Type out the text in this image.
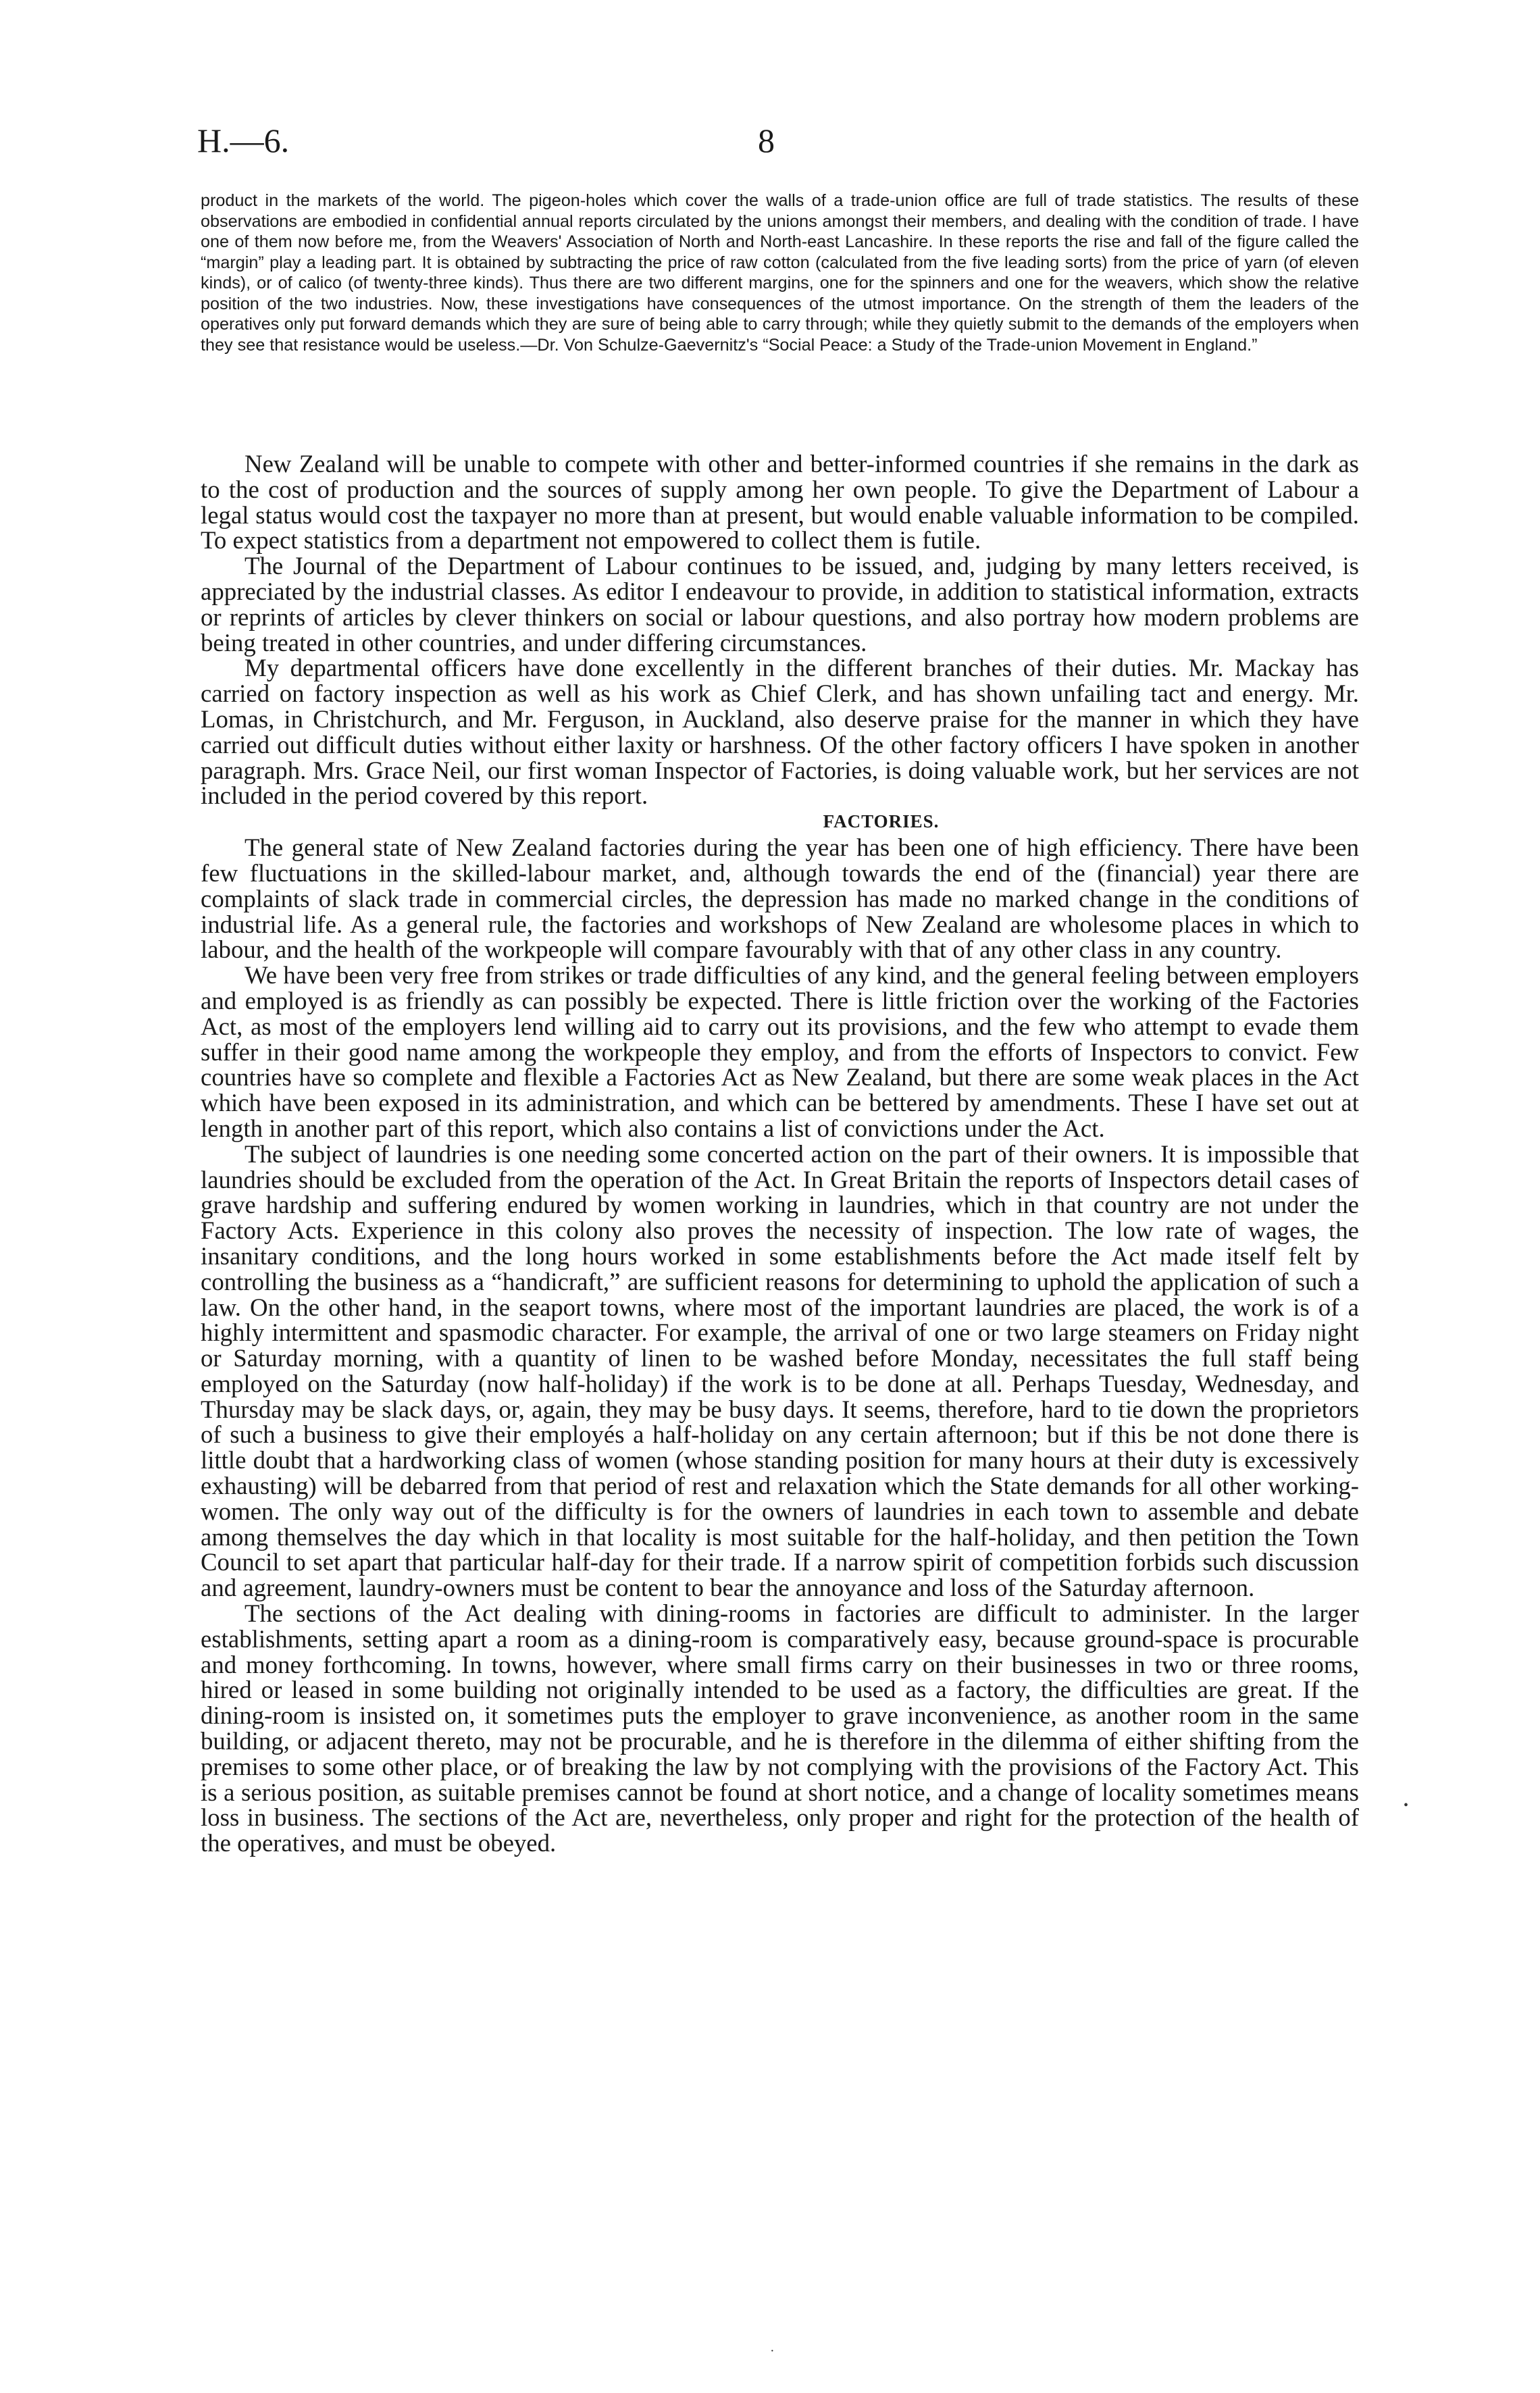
H.—6.	8

product in the markets of the world. The pigeon-holes which cover the walls of a trade-union office are full of trade statistics. The results of these observations are embodied in confidential annual reports circulated by the unions amongst their members, and dealing with the condition of trade. I have one of them now before me, from the Weavers' Association of North and North-east Lancashire. In these reports the rise and fall of the figure called the “margin” play a leading part. It is obtained by subtracting the price of raw cotton (calculated from the five leading sorts) from the price of yarn (of eleven kinds), or of calico (of twenty-three kinds). Thus there are two different margins, one for the spinners and one for the weavers, which show the relative position of the two industries. Now, these investigations have consequences of the utmost importance. On the strength of them the leaders of the operatives only put forward demands which they are sure of being able to carry through; while they quietly submit to the demands of the employers when they see that resistance would be useless.—Dr. Von Schulze-Gaevernitz's “Social Peace: a Study of the Trade-union Movement in England.”

New Zealand will be unable to compete with other and better-informed countries if she remains in the dark as to the cost of production and the sources of supply among her own people. To give the Department of Labour a legal status would cost the taxpayer no more than at present, but would enable valuable information to be compiled. To expect statistics from a department not empowered to collect them is futile.

The Journal of the Department of Labour continues to be issued, and, judging by many letters received, is appreciated by the industrial classes. As editor I endeavour to provide, in addition to statistical information, extracts or reprints of articles by clever thinkers on social or labour questions, and also portray how modern problems are being treated in other countries, and under differing circumstances.

My departmental officers have done excellently in the different branches of their duties. Mr. Mackay has carried on factory inspection as well as his work as Chief Clerk, and has shown unfailing tact and energy. Mr. Lomas, in Christchurch, and Mr. Ferguson, in Auckland, also deserve praise for the manner in which they have carried out difficult duties without either laxity or harshness. Of the other factory officers I have spoken in another paragraph. Mrs. Grace Neil, our first woman Inspector of Factories, is doing valuable work, but her services are not included in the period covered by this report.

FACTORIES.

The general state of New Zealand factories during the year has been one of high efficiency. There have been few fluctuations in the skilled-labour market, and, although towards the end of the (financial) year there are complaints of slack trade in commercial circles, the depression has made no marked change in the conditions of industrial life. As a general rule, the factories and workshops of New Zealand are wholesome places in which to labour, and the health of the workpeople will compare favourably with that of any other class in any country.

We have been very free from strikes or trade difficulties of any kind, and the general feeling between employers and employed is as friendly as can possibly be expected. There is little friction over the working of the Factories Act, as most of the employers lend willing aid to carry out its provisions, and the few who attempt to evade them suffer in their good name among the workpeople they employ, and from the efforts of Inspectors to convict. Few countries have so complete and flexible a Factories Act as New Zealand, but there are some weak places in the Act which have been exposed in its administration, and which can be bettered by amendments. These I have set out at length in another part of this report, which also contains a list of convictions under the Act.

The subject of laundries is one needing some concerted action on the part of their owners. It is impossible that laundries should be excluded from the operation of the Act. In Great Britain the reports of Inspectors detail cases of grave hardship and suffering endured by women working in laundries, which in that country are not under the Factory Acts. Experience in this colony also proves the necessity of inspection. The low rate of wages, the insanitary conditions, and the long hours worked in some establishments before the Act made itself felt by controlling the business as a “handicraft,” are sufficient reasons for determining to uphold the application of such a law. On the other hand, in the seaport towns, where most of the important laundries are placed, the work is of a highly intermittent and spasmodic character. For example, the arrival of one or two large steamers on Friday night or Saturday morning, with a quantity of linen to be washed before Monday, necessitates the full staff being employed on the Saturday (now half-holiday) if the work is to be done at all. Perhaps Tuesday, Wednesday, and Thursday may be slack days, or, again, they may be busy days. It seems, therefore, hard to tie down the proprietors of such a business to give their employés a half-holiday on any certain afternoon; but if this be not done there is little doubt that a hardworking class of women (whose standing position for many hours at their duty is excessively exhausting) will be debarred from that period of rest and relaxation which the State demands for all other working-women. The only way out of the difficulty is for the owners of laundries in each town to assemble and debate among themselves the day which in that locality is most suitable for the half-holiday, and then petition the Town Council to set apart that particular half-day for their trade. If a narrow spirit of competition forbids such discussion and agreement, laundry-owners must be content to bear the annoyance and loss of the Saturday afternoon.

The sections of the Act dealing with dining-rooms in factories are difficult to administer. In the larger establishments, setting apart a room as a dining-room is comparatively easy, because ground-space is procurable and money forthcoming. In towns, however, where small firms carry on their businesses in two or three rooms, hired or leased in some building not originally intended to be used as a factory, the difficulties are great. If the dining-room is insisted on, it sometimes puts the employer to grave inconvenience, as another room in the same building, or adjacent thereto, may not be procurable, and he is therefore in the dilemma of either shifting from the premises to some other place, or of breaking the law by not complying with the provisions of the Factory Act. This is a serious position, as suitable premises cannot be found at short notice, and a change of locality sometimes means loss in business. The sections of the Act are, nevertheless, only proper and right for the protection of the health of the operatives, and must be obeyed.

•
·
